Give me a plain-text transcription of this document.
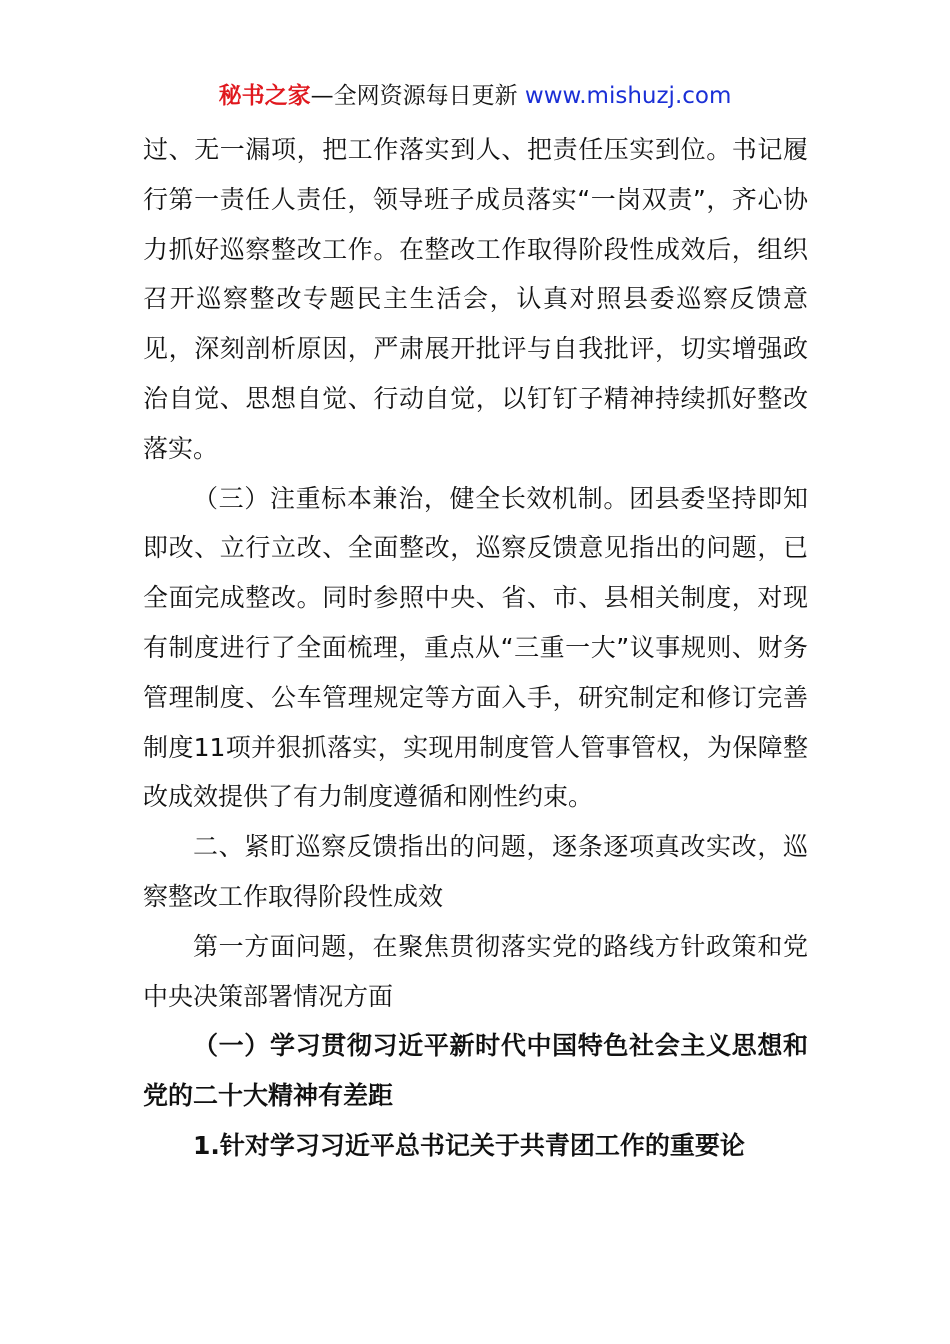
秘书之家—全网资源每日更新 www.mishuzj.com

过、无一漏项，把工作落实到人、把责任压实到位。书记履行第一责任人责任，领导班子成员落实“一岗双责”，齐心协力抓好巡察整改工作。在整改工作取得阶段性成效后，组织召开巡察整改专题民主生活会，认真对照县委巡察反馈意见，深刻剖析原因，严肃展开批评与自我批评，切实增强政治自觉、思想自觉、行动自觉，以钉钉子精神持续抓好整改落实。

（三）注重标本兼治，健全长效机制。团县委坚持即知即改、立行立改、全面整改，巡察反馈意见指出的问题，已全面完成整改。同时参照中央、省、市、县相关制度，对现有制度进行了全面梳理，重点从“三重一大”议事规则、财务管理制度、公车管理规定等方面入手，研究制定和修订完善制度11项并狠抓落实，实现用制度管人管事管权，为保障整改成效提供了有力制度遵循和刚性约束。

二、紧盯巡察反馈指出的问题，逐条逐项真改实改，巡察整改工作取得阶段性成效

第一方面问题，在聚焦贯彻落实党的路线方针政策和党中央决策部署情况方面

（一）学习贯彻习近平新时代中国特色社会主义思想和党的二十大精神有差距

1.针对学习习近平总书记关于共青团工作的重要论
